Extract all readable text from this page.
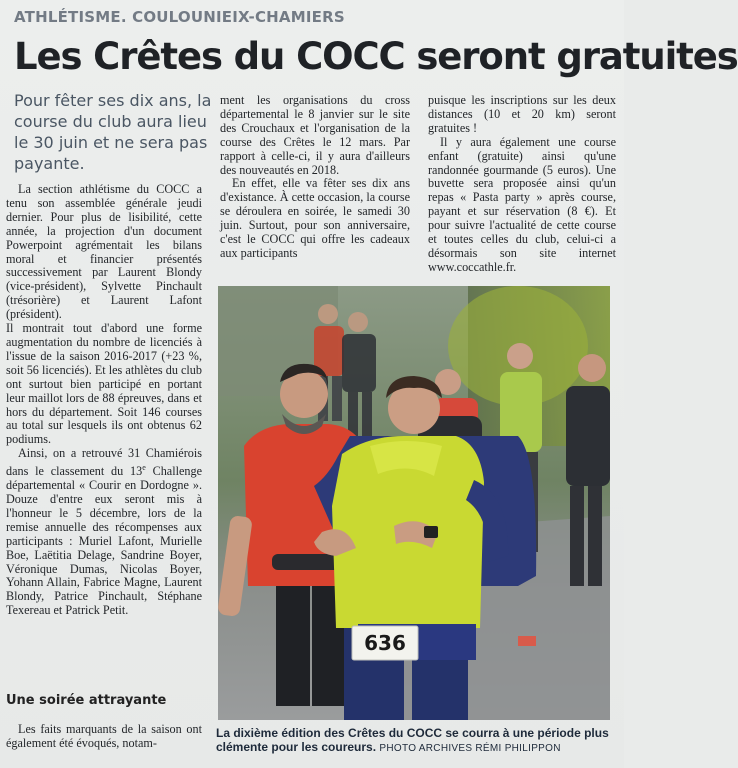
ATHLÉTISME. COULOUNIEIX-CHAMIERS
Les Crêtes du COCC seront gratuites
Pour fêter ses dix ans, la course du club aura lieu le 30 juin et ne sera pas payante.

La section athlétisme du COCC a tenu son assemblée générale jeudi dernier. Pour plus de lisibilité, cette année, la projection d'un document Powerpoint agrémentait les bilans moral et financier présentés successivement par Laurent Blondy (vice-président), Sylvette Pinchault (trésorière) et Laurent Lafont (président).

Il montrait tout d'abord une forme augmentation du nombre de licenciés à l'issue de la saison 2016-2017 (+23 %, soit 56 licenciés). Et les athlètes du club ont surtout bien participé en portant leur maillot lors de 88 épreuves, dans et hors du département. Soit 146 courses au total sur lesquels ils ont obtenus 62 podiums.

Ainsi, on a retrouvé 31 Chamiérois dans le classement du 13e Challenge départemental « Courir en Dordogne ». Douze d'entre eux seront mis à l'honneur le 5 décembre, lors de la remise annuelle des récompenses aux participants : Muriel Lafont, Murielle Boe, Laëtitia Delage, Sandrine Boyer, Véronique Dumas, Nicolas Boyer, Yohann Allain, Fabrice Magne, Laurent Blondy, Patrice Pinchault, Stéphane Texereau et Patrick Petit.

Une soirée attrayante

Les faits marquants de la saison ont également été évoqués, notam-

ment les organisations du cross départemental le 8 janvier sur le site des Crouchaux et l'organisation de la course des Crêtes le 12 mars. Par rapport à celle-ci, il y aura d'ailleurs des nouveautés en 2018.

En effet, elle va fêter ses dix ans d'existance. À cette occasion, la course se déroulera en soirée, le samedi 30 juin. Surtout, pour son anniversaire, c'est le COCC qui offre les cadeaux aux participants

puisque les inscriptions sur les deux distances (10 et 20 km) seront gratuites !

Il y aura également une course enfant (gratuite) ainsi qu'une randonnée gourmande (5 euros). Une buvette sera proposée ainsi qu'un repas « Pasta party » après course, payant et sur réservation (8 €). Et pour suivre l'actualité de cette course et toutes celles du club, celui-ci a désormais son site internet www.coccathle.fr.

636
La dixième édition des Crêtes du COCC se courra à une période plus clémente pour les coureurs. PHOTO ARCHIVES RÉMI PHILIPPON
